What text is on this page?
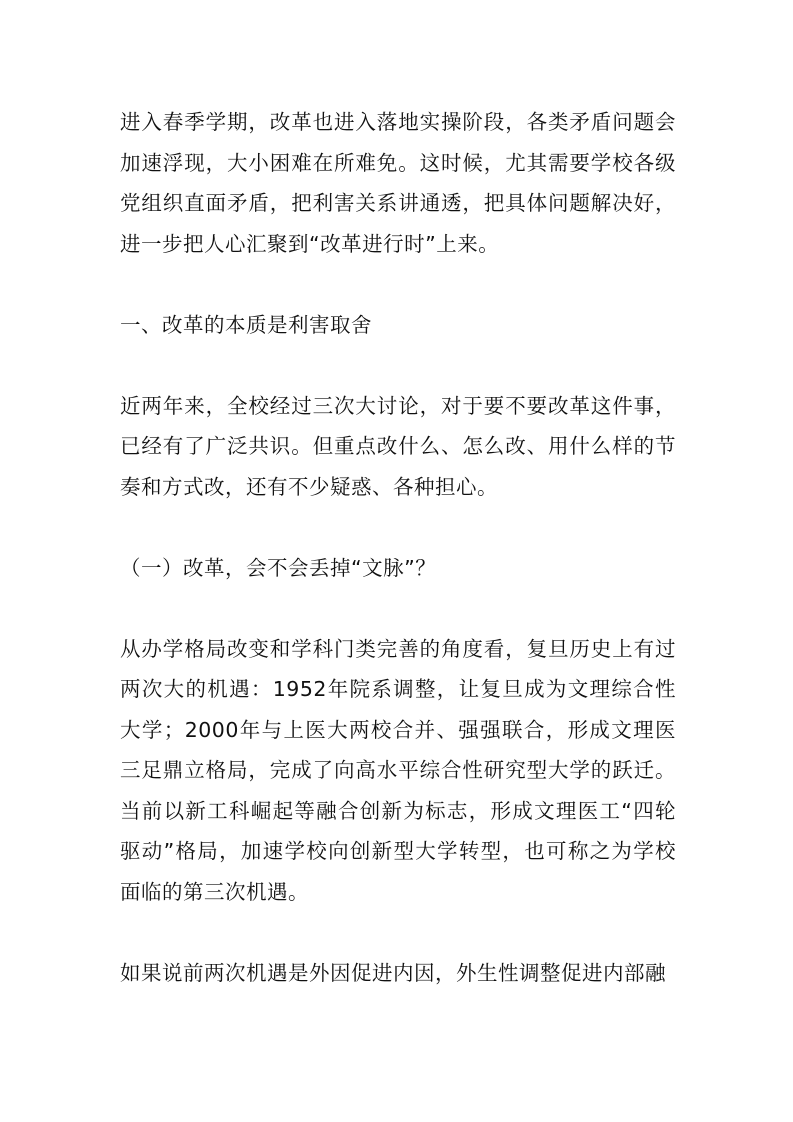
进入春季学期，改革也进入落地实操阶段，各类矛盾问题会加速浮现，大小困难在所难免。这时候，尤其需要学校各级党组织直面矛盾，把利害关系讲通透，把具体问题解决好，进一步把人心汇聚到“改革进行时”上来。

一、改革的本质是利害取舍

近两年来，全校经过三次大讨论，对于要不要改革这件事，已经有了广泛共识。但重点改什么、怎么改、用什么样的节奏和方式改，还有不少疑惑、各种担心。

（一）改革，会不会丢掉“文脉”？

从办学格局改变和学科门类完善的角度看，复旦历史上有过两次大的机遇：1952年院系调整，让复旦成为文理综合性大学；2000年与上医大两校合并、强强联合，形成文理医三足鼎立格局，完成了向高水平综合性研究型大学的跃迁。当前以新工科崛起等融合创新为标志，形成文理医工“四轮驱动”格局，加速学校向创新型大学转型，也可称之为学校面临的第三次机遇。

如果说前两次机遇是外因促进内因，外生性调整促进内部融
